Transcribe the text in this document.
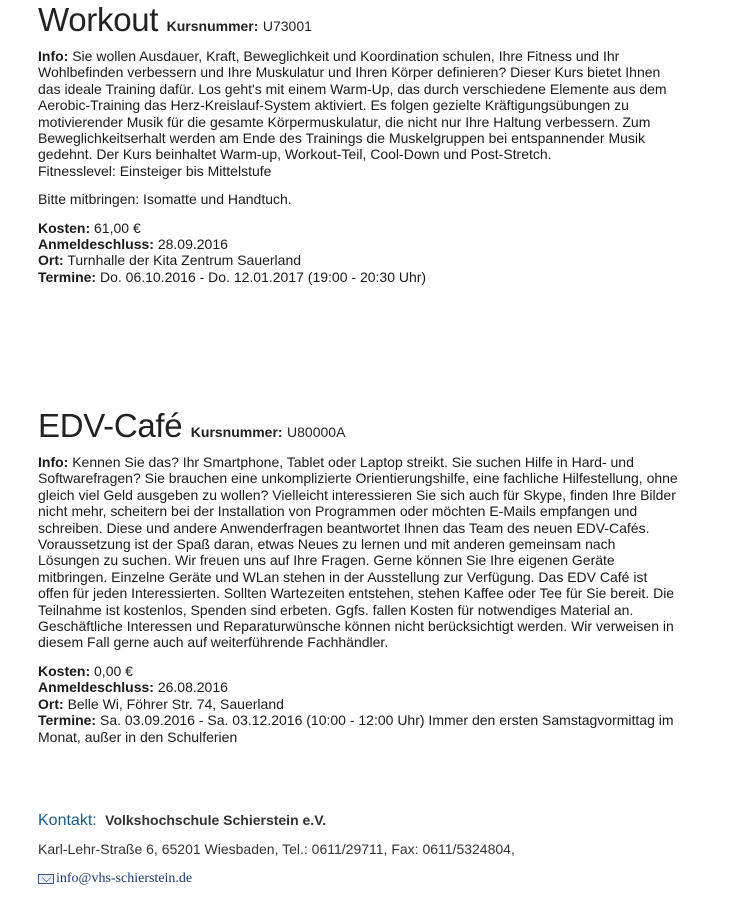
Workout Kursnummer: U73001
Info: Sie wollen Ausdauer, Kraft, Beweglichkeit und Koordination schulen, Ihre Fitness und Ihr Wohlbefinden verbessern und Ihre Muskulatur und Ihren Körper definieren? Dieser Kurs bietet Ihnen das ideale Training dafür. Los geht's mit einem Warm-Up, das durch verschiedene Elemente aus dem Aerobic-Training das Herz-Kreislauf-System aktiviert. Es folgen gezielte Kräftigungsübungen zu motivierender Musik für die gesamte Körpermuskulatur, die nicht nur Ihre Haltung verbessern. Zum Beweglichkeitserhalt werden am Ende des Trainings die Muskelgruppen bei entspannender Musik gedehnt. Der Kurs beinhaltet Warm-up, Workout-Teil, Cool-Down und Post-Stretch.
Fitnesslevel: Einsteiger bis Mittelstufe
Bitte mitbringen: Isomatte und Handtuch.
Kosten: 61,00 €
Anmeldeschluss: 28.09.2016
Ort: Turnhalle der Kita Zentrum Sauerland
Termine: Do. 06.10.2016 - Do. 12.01.2017 (19:00 - 20:30 Uhr)
EDV-Café Kursnummer: U80000A
Info: Kennen Sie das? Ihr Smartphone, Tablet oder Laptop streikt. Sie suchen Hilfe in Hard- und Softwarefragen? Sie brauchen eine unkomplizierte Orientierungshilfe, eine fachliche Hilfestellung, ohne gleich viel Geld ausgeben zu wollen? Vielleicht interessieren Sie sich auch für Skype, finden Ihre Bilder nicht mehr, scheitern bei der Installation von Programmen oder möchten E-Mails empfangen und schreiben. Diese und andere Anwenderfragen beantwortet Ihnen das Team des neuen EDV-Cafés. Voraussetzung ist der Spaß daran, etwas Neues zu lernen und mit anderen gemeinsam nach Lösungen zu suchen. Wir freuen uns auf Ihre Fragen. Gerne können Sie Ihre eigenen Geräte mitbringen. Einzelne Geräte und WLan stehen in der Ausstellung zur Verfügung. Das EDV Café ist offen für jeden Interessierten. Sollten Wartezeiten entstehen, stehen Kaffee oder Tee für Sie bereit. Die Teilnahme ist kostenlos, Spenden sind erbeten. Ggfs. fallen Kosten für notwendiges Material an. Geschäftliche Interessen und Reparaturwünsche können nicht berücksichtigt werden. Wir verweisen in diesem Fall gerne auch auf weiterführende Fachhändler.
Kosten: 0,00 €
Anmeldeschluss: 26.08.2016
Ort: Belle Wi, Föhrer Str. 74, Sauerland
Termine: Sa. 03.09.2016 - Sa. 03.12.2016 (10:00 - 12:00 Uhr) Immer den ersten Samstagvormittag im Monat, außer in den Schulferien
Kontakt: Volkshochschule Schierstein e.V.
Karl-Lehr-Straße 6, 65201 Wiesbaden, Tel.: 0611/29711, Fax: 0611/5324804,
info@vhs-schierstein.de
